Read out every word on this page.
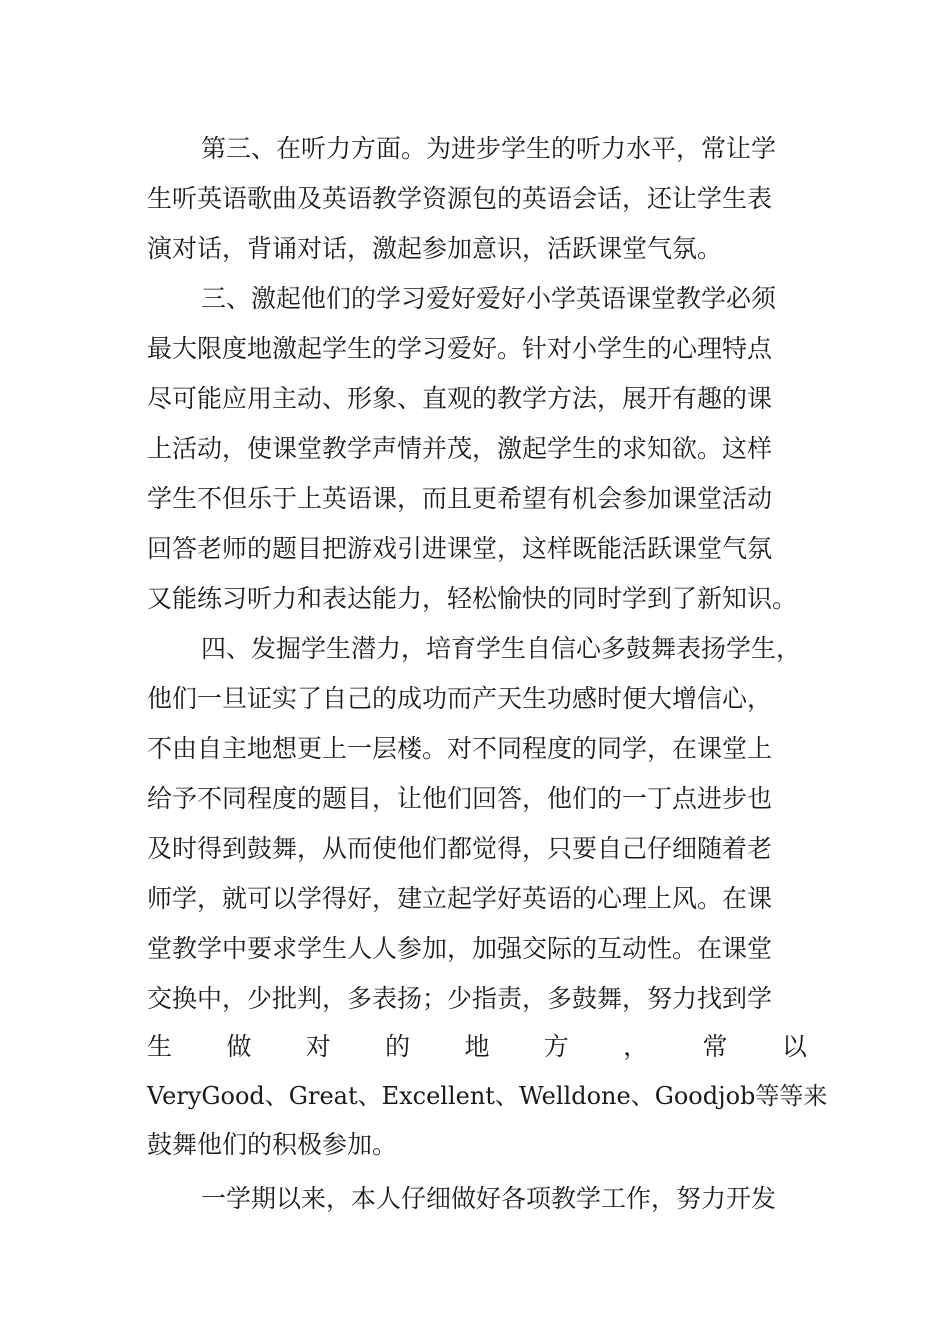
第三、在听力方面。为进步学生的听力水平，常让学
生听英语歌曲及英语教学资源包的英语会话，还让学生表
演对话，背诵对话，激起参加意识，活跃课堂气氛。
三、激起他们的学习爱好爱好小学英语课堂教学必须
最大限度地激起学生的学习爱好。针对小学生的心理特点
尽可能应用主动、形象、直观的教学方法，展开有趣的课
上活动，使课堂教学声情并茂，激起学生的求知欲。这样
学生不但乐于上英语课，而且更希望有机会参加课堂活动
回答老师的题目把游戏引进课堂，这样既能活跃课堂气氛
又能练习听力和表达能力，轻松愉快的同时学到了新知识。
四、发掘学生潜力，培育学生自信心多鼓舞表扬学生，
他们一旦证实了自己的成功而产天生功感时便大增信心，
不由自主地想更上一层楼。对不同程度的同学，在课堂上
给予不同程度的题目，让他们回答，他们的一丁点进步也
及时得到鼓舞，从而使他们都觉得，只要自己仔细随着老
师学，就可以学得好，建立起学好英语的心理上风。在课
堂教学中要求学生人人参加，加强交际的互动性。在课堂
交换中，少批判，多表扬；少指责，多鼓舞，努力找到学
生 做 对 的 地 方 ， 常 以
VeryGood、Great、Excellent、Welldone、Goodjob等等来
鼓舞他们的积极参加。
一学期以来，本人仔细做好各项教学工作，努力开发
